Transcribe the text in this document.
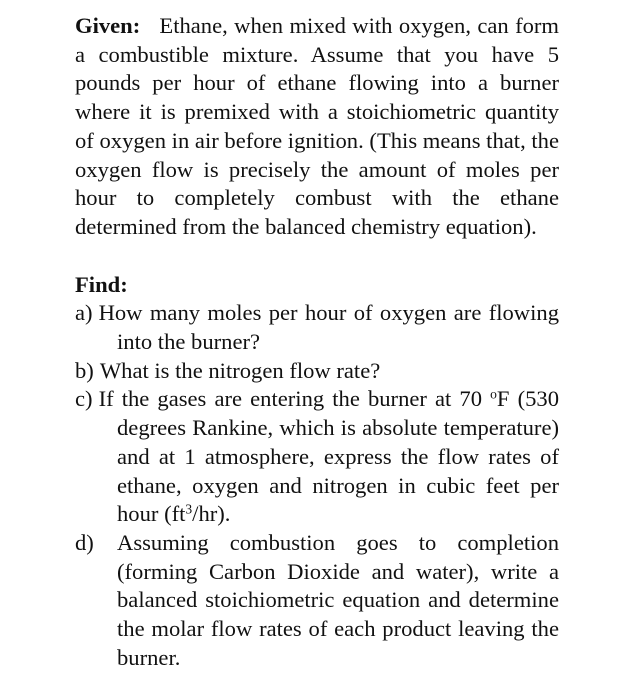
Given: Ethane, when mixed with oxygen, can form a combustible mixture. Assume that you have 5 pounds per hour of ethane flowing into a burner where it is premixed with a stoichiometric quantity of oxygen in air before ignition. (This means that, the oxygen flow is precisely the amount of moles per hour to completely combust with the ethane determined from the balanced chemistry equation).

Find:
a) How many moles per hour of oxygen are flowing into the burner?
b) What is the nitrogen flow rate?
c) If the gases are entering the burner at 70 $^o$F (530 degrees Rankine, which is absolute temperature) and at 1 atmosphere, express the flow rates of ethane, oxygen and nitrogen in cubic feet per hour $(ft^3/hr)$.
d) Assuming combustion goes to completion (forming Carbon Dioxide and water), write a balanced stoichiometric equation and determine the molar flow rates of each product leaving the burner.
